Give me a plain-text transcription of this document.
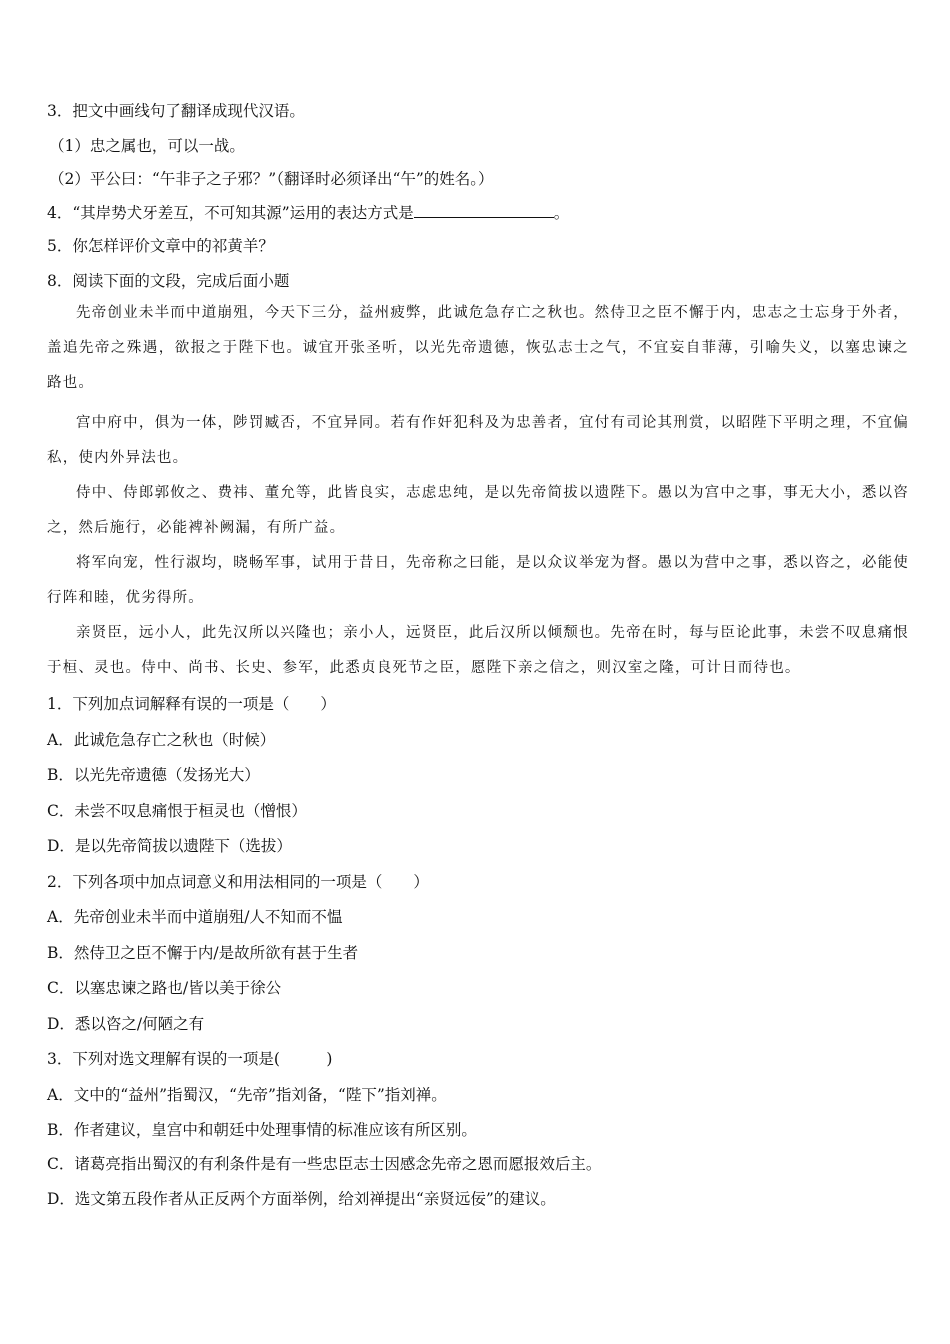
3．把文中画线句了翻译成现代汉语。
（1）忠之属也，可以一战。
（2）平公曰：“午非子之子邪？”（翻译时必须译出“午”的姓名。）
4．“其岸势犬牙差互，不可知其源”运用的表达方式是	。
5．你怎样评价文章中的祁黄羊？
8．阅读下面的文段，完成后面小题
先帝创业未半而中道崩殂，今天下三分，益州疲弊，此诚危急存亡之秋也。然侍卫之臣不懈于内，忠志之士忘身于外者，盖追先帝之殊遇，欲报之于陛下也。诚宜开张圣听，以光先帝遗德，恢弘志士之气，不宜妄自菲薄，引喻失义，以塞忠谏之路也。
宫中府中，俱为一体，陟罚臧否，不宜异同。若有作奸犯科及为忠善者，宜付有司论其刑赏，以昭陛下平明之理，不宜偏私，使内外异法也。
侍中、侍郎郭攸之、费祎、董允等，此皆良实，志虑忠纯，是以先帝简拔以遗陛下。愚以为宫中之事，事无大小，悉以咨之，然后施行，必能裨补阙漏，有所广益。
将军向宠，性行淑均，晓畅军事，试用于昔日，先帝称之曰能，是以众议举宠为督。愚以为营中之事，悉以咨之，必能使行阵和睦，优劣得所。
亲贤臣，远小人，此先汉所以兴隆也；亲小人，远贤臣，此后汉所以倾颓也。先帝在时，每与臣论此事，未尝不叹息痛恨于桓、灵也。侍中、尚书、长史、参军，此悉贞良死节之臣，愿陛下亲之信之，则汉室之隆，可计日而待也。
1．下列加点词解释有误的一项是（　　）
A．此诚危急存亡之秋也（时候）
B．以光先帝遗德（发扬光大）
C．未尝不叹息痛恨于桓灵也（憎恨）
D．是以先帝简拔以遗陛下（选拔）
2．下列各项中加点词意义和用法相同的一项是（　　）
A．先帝创业未半而中道崩殂/人不知而不愠
B．然侍卫之臣不懈于内/是故所欲有甚于生者
C．以塞忠谏之路也/皆以美于徐公
D．悉以咨之/何陋之有
3．下列对选文理解有误的一项是(　　　)
A．文中的“益州”指蜀汉，“先帝”指刘备，“陛下”指刘禅。
B．作者建议，皇宫中和朝廷中处理事情的标准应该有所区别。
C．诸葛亮指出蜀汉的有利条件是有一些忠臣志士因感念先帝之恩而愿报效后主。
D．选文第五段作者从正反两个方面举例，给刘禅提出“亲贤远佞”的建议。
